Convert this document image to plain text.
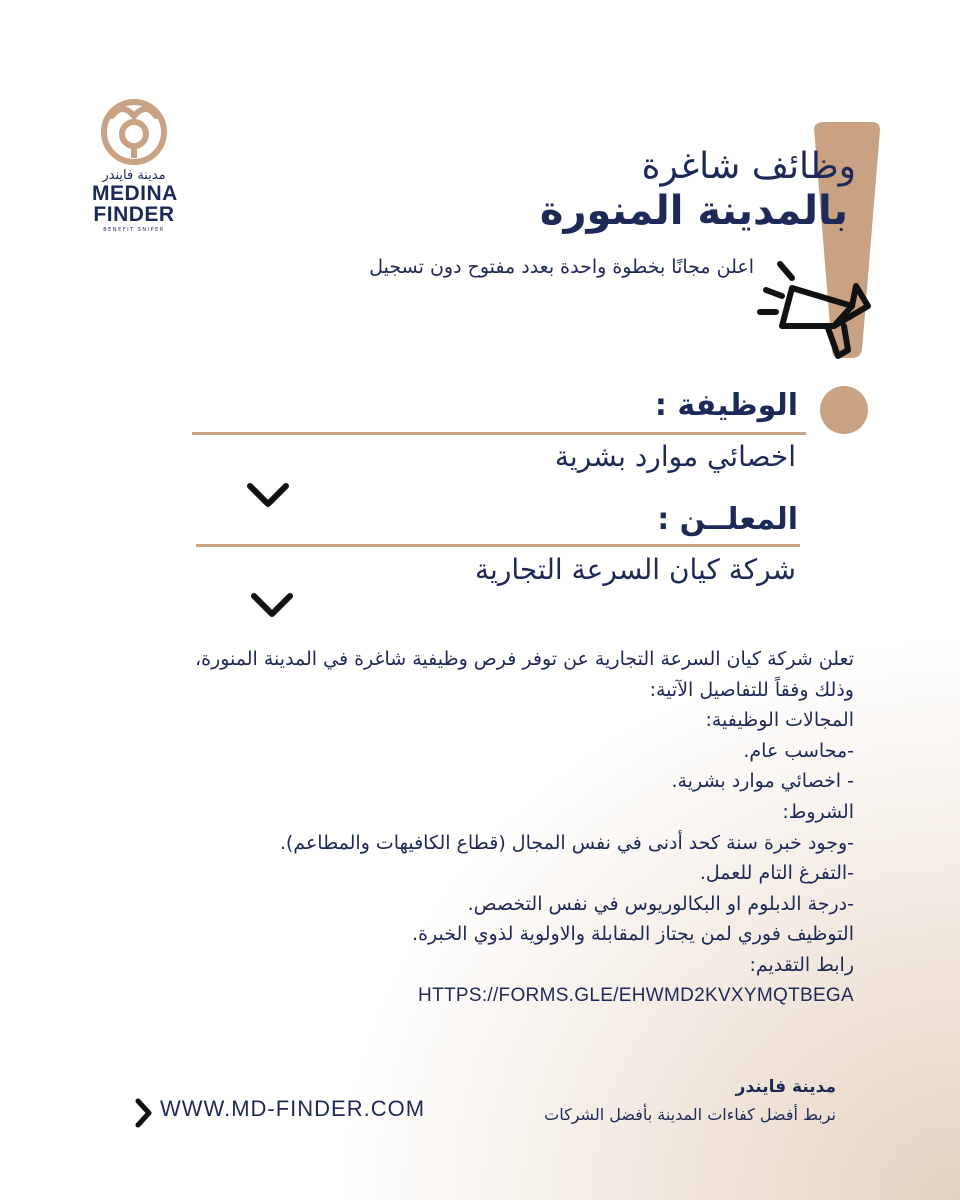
مدينة فايندر
MEDINA
FINDER
BENEFIT SNIPER
وظائف شاغرة
بالمدينة المنورة
اعلن مجانًا بخطوة واحدة بعدد مفتوح دون تسجيل
الوظيفة :
اخصائي موارد بشرية
المعلــن :
شركة كيان السرعة التجارية
تعلن شركة كيان السرعة التجارية عن توفر فرص وظيفية شاغرة في المدينة المنورة،
وذلك وفقاً للتفاصيل الآتية:
المجالات الوظيفية:
-محاسب عام.
- اخصائي موارد بشرية.
الشروط:
-وجود خبرة سنة كحد أدنى في نفس المجال (قطاع الكافيهات والمطاعم).
-التفرغ التام للعمل.
-درجة الدبلوم او البكالوريوس في نفس التخصص.
التوظيف فوري لمن يجتاز المقابلة والاولوية لذوي الخبرة.
رابط التقديم:
HTTPS://FORMS.GLE/EHWMD2KVXYMQTBEGA
WWW.MD-FINDER.COM
مدينة فايندر
نربط أفضل كفاءات المدينة بأفضل الشركات
